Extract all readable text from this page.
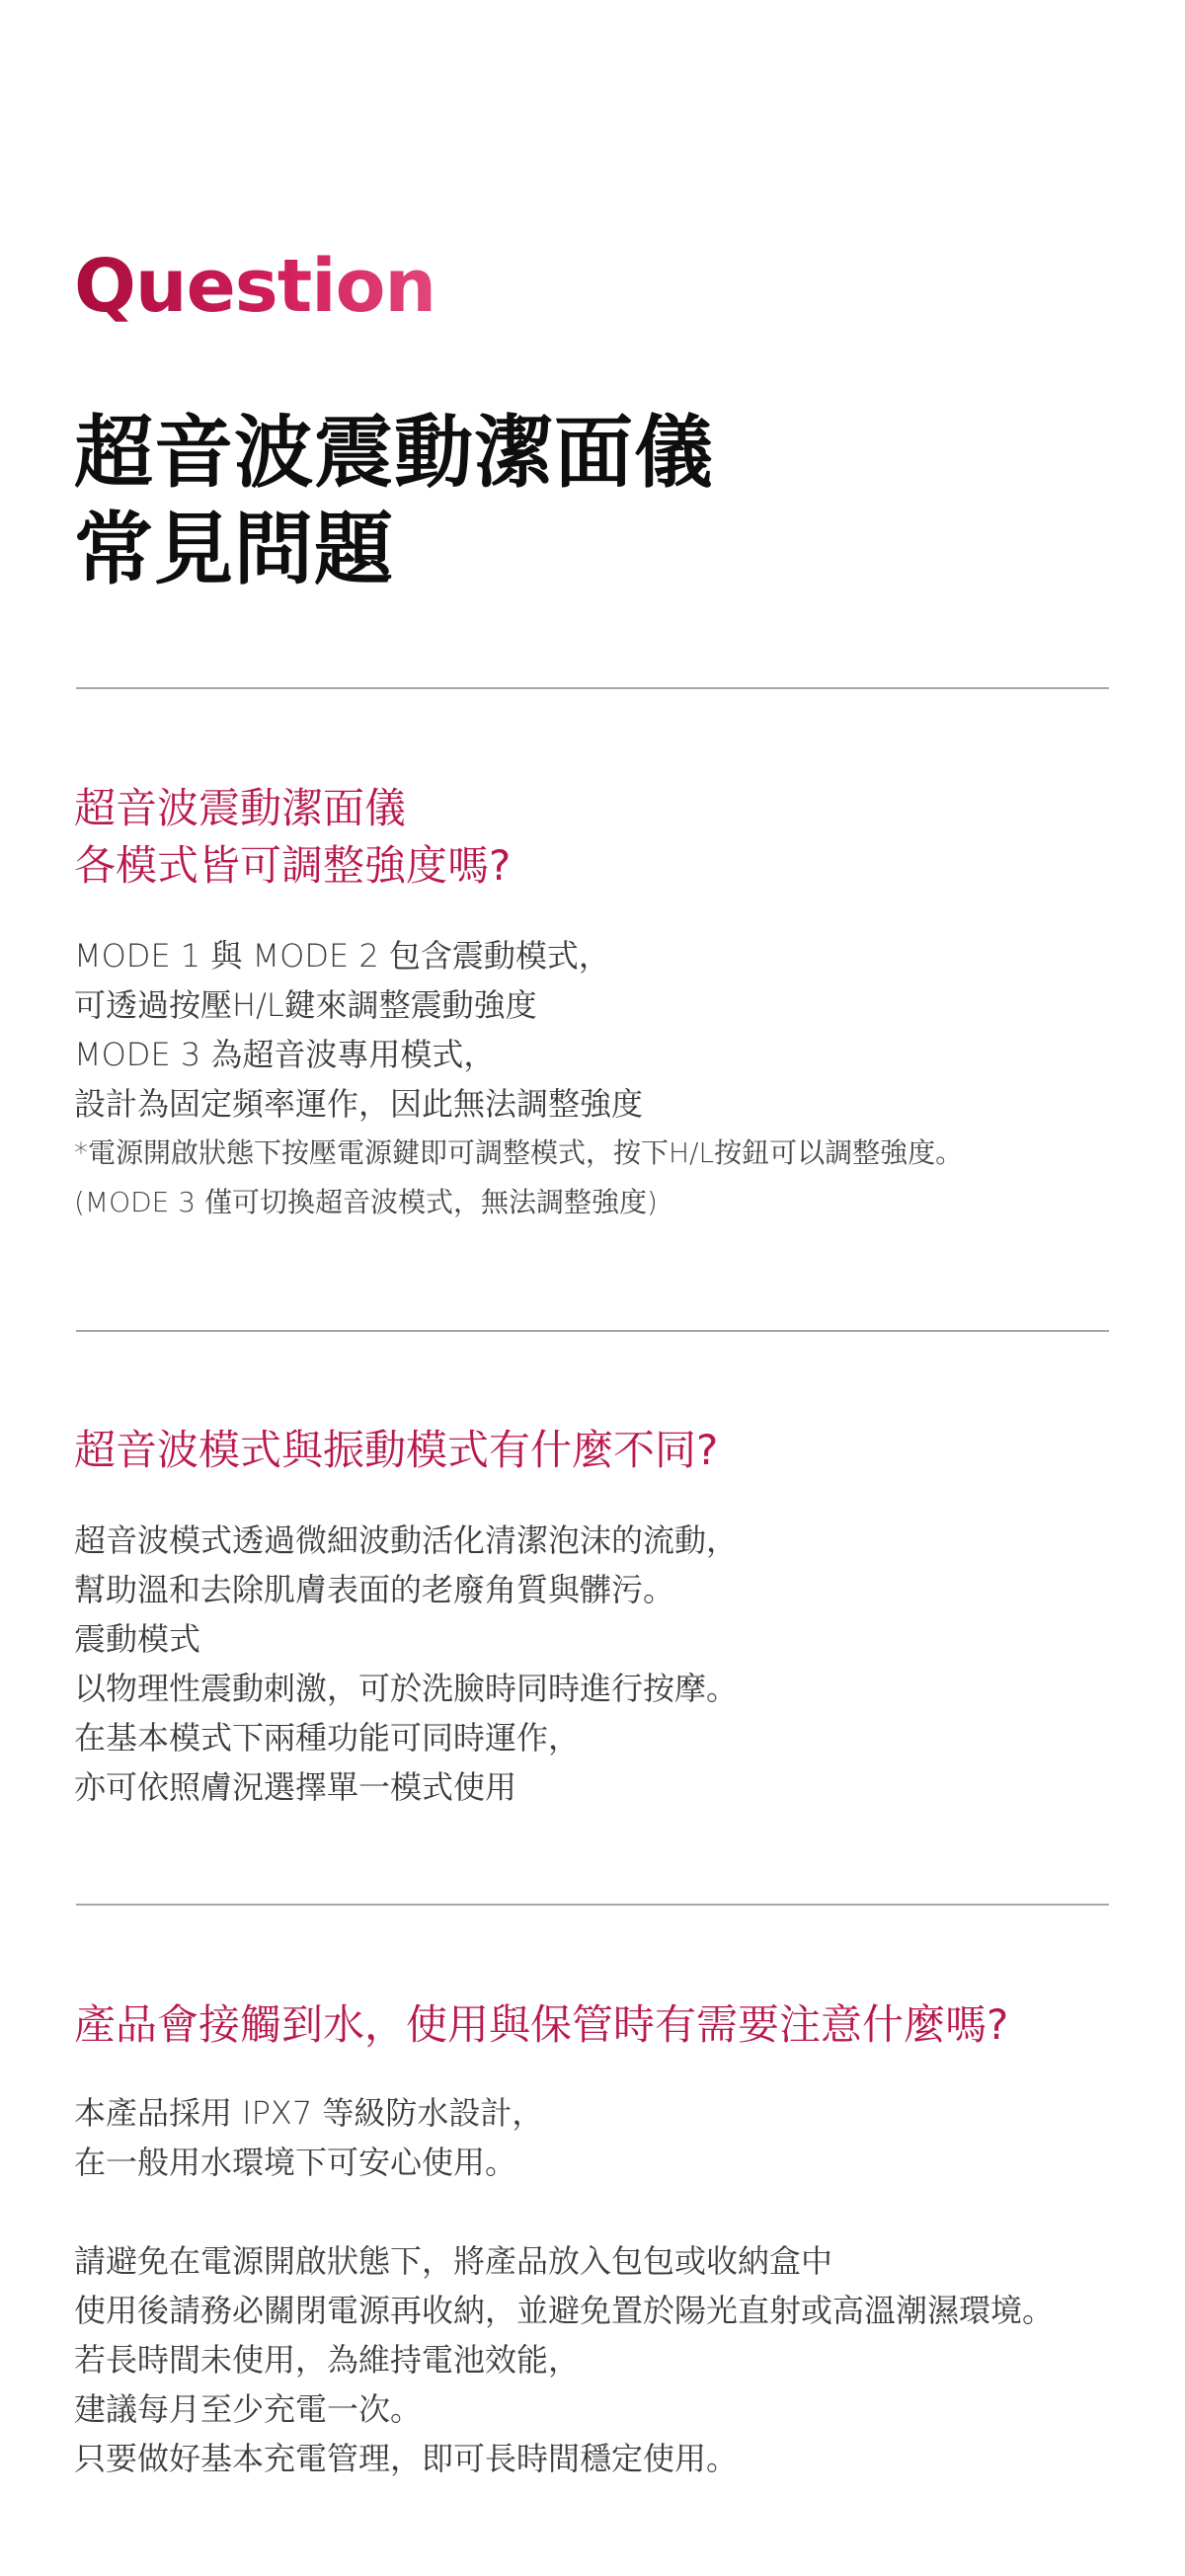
Question
超音波震動潔面儀
常見問題
超音波震動潔面儀
各模式皆可調整強度嗎?
MODE 1 與 MODE 2 包含震動模式，
可透過按壓H/L鍵來調整震動強度
MODE 3 為超音波專用模式，
設計為固定頻率運作，因此無法調整強度
*電源開啟狀態下按壓電源鍵即可調整模式，按下H/L按鈕可以調整強度。
(MODE 3 僅可切換超音波模式，無法調整強度)
超音波模式與振動模式有什麼不同?
超音波模式透過微細波動活化清潔泡沫的流動，
幫助溫和去除肌膚表面的老廢角質與髒污。
震動模式
以物理性震動刺激，可於洗臉時同時進行按摩。
在基本模式下兩種功能可同時運作，
亦可依照膚況選擇單一模式使用
產品會接觸到水，使用與保管時有需要注意什麼嗎?
本產品採用 IPX7 等級防水設計，
在一般用水環境下可安心使用。
請避免在電源開啟狀態下，將產品放入包包或收納盒中
使用後請務必關閉電源再收納，並避免置於陽光直射或高溫潮濕環境。
若長時間未使用，為維持電池效能，
建議每月至少充電一次。
只要做好基本充電管理，即可長時間穩定使用。
